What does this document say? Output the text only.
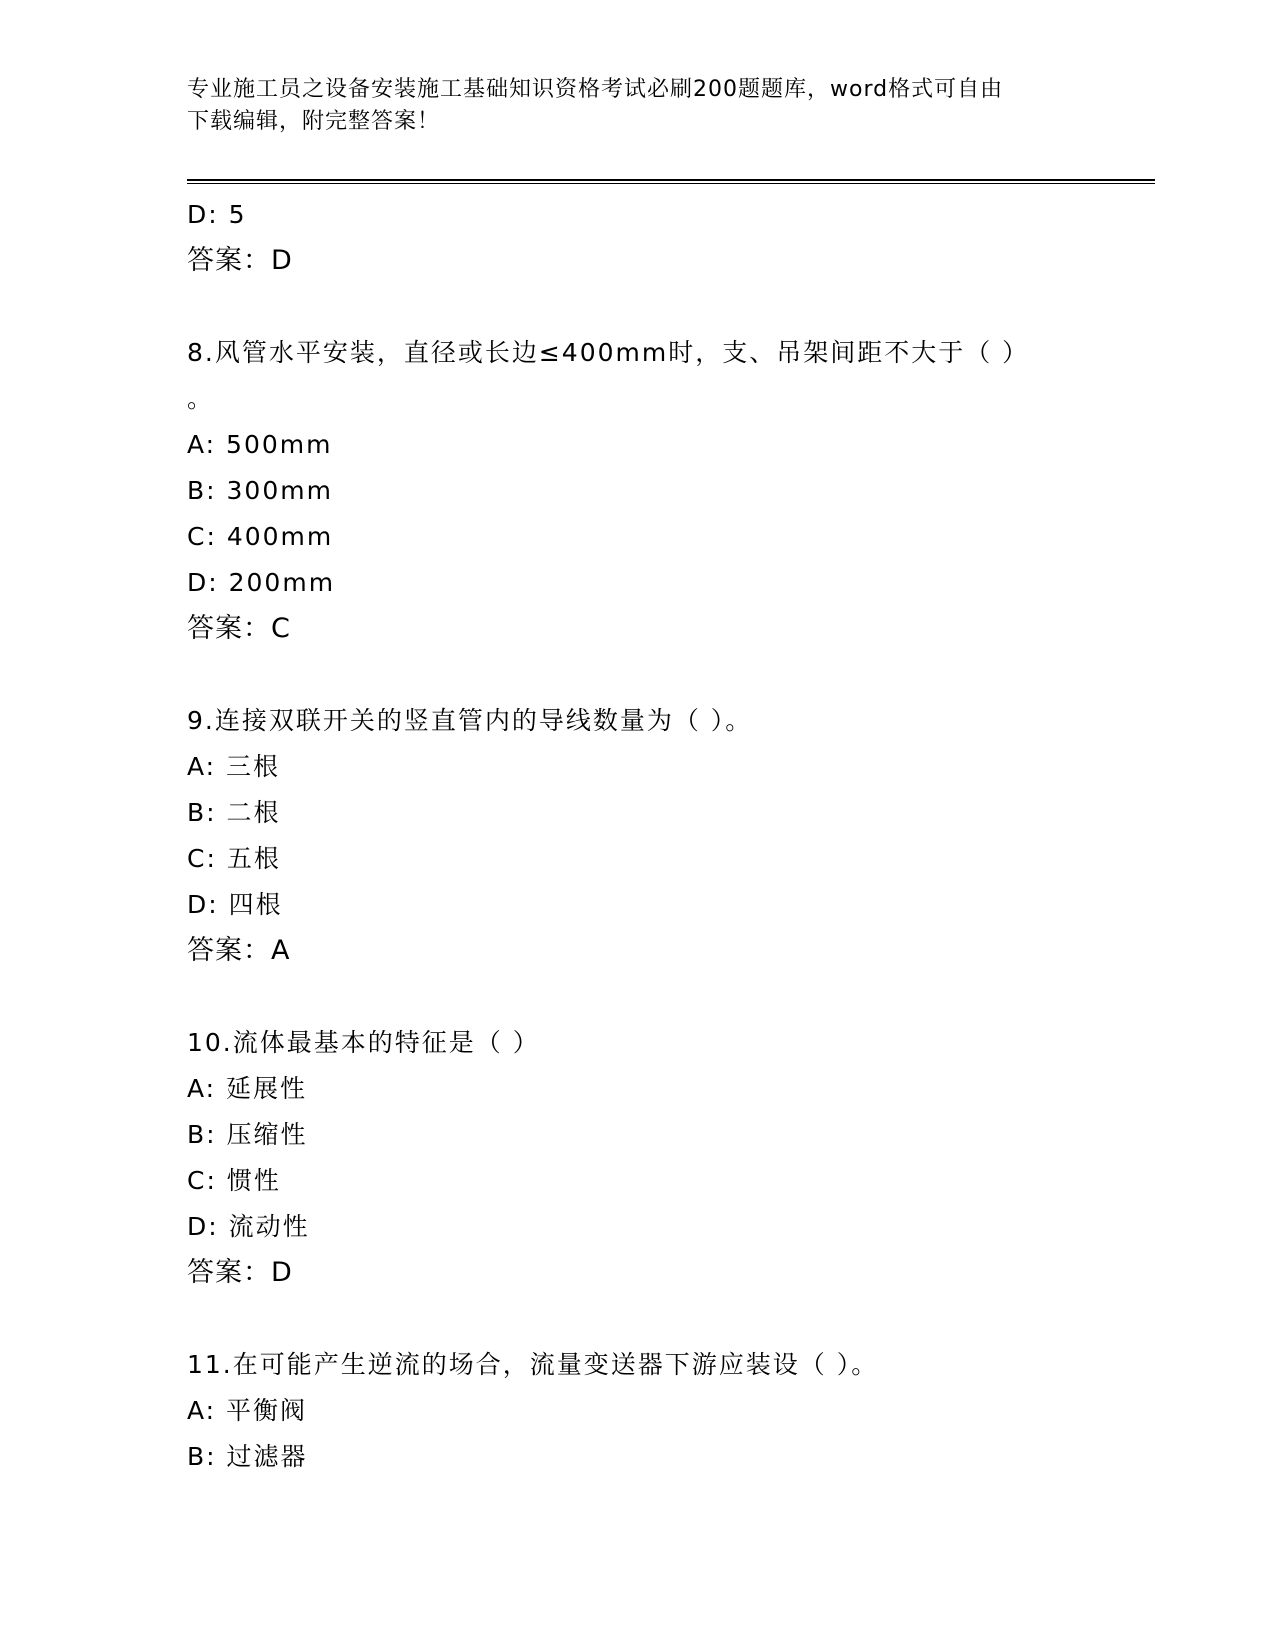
专业施工员之设备安装施工基础知识资格考试必刷200题题库，word格式可自由
下载编辑，附完整答案！
D: 5
答案：D
8.风管水平安装，直径或长边≤400mm时，支、吊架间距不大于（ ）
。
A: 500mm
B: 300mm
C: 400mm
D: 200mm
答案：C
9.连接双联开关的竖直管内的导线数量为（ ）。
A: 三根
B: 二根
C: 五根
D: 四根
答案：A
10.流体最基本的特征是（ ）
A: 延展性
B: 压缩性
C: 惯性
D: 流动性
答案：D
11.在可能产生逆流的场合，流量变送器下游应装设（ ）。
A: 平衡阀
B: 过滤器
